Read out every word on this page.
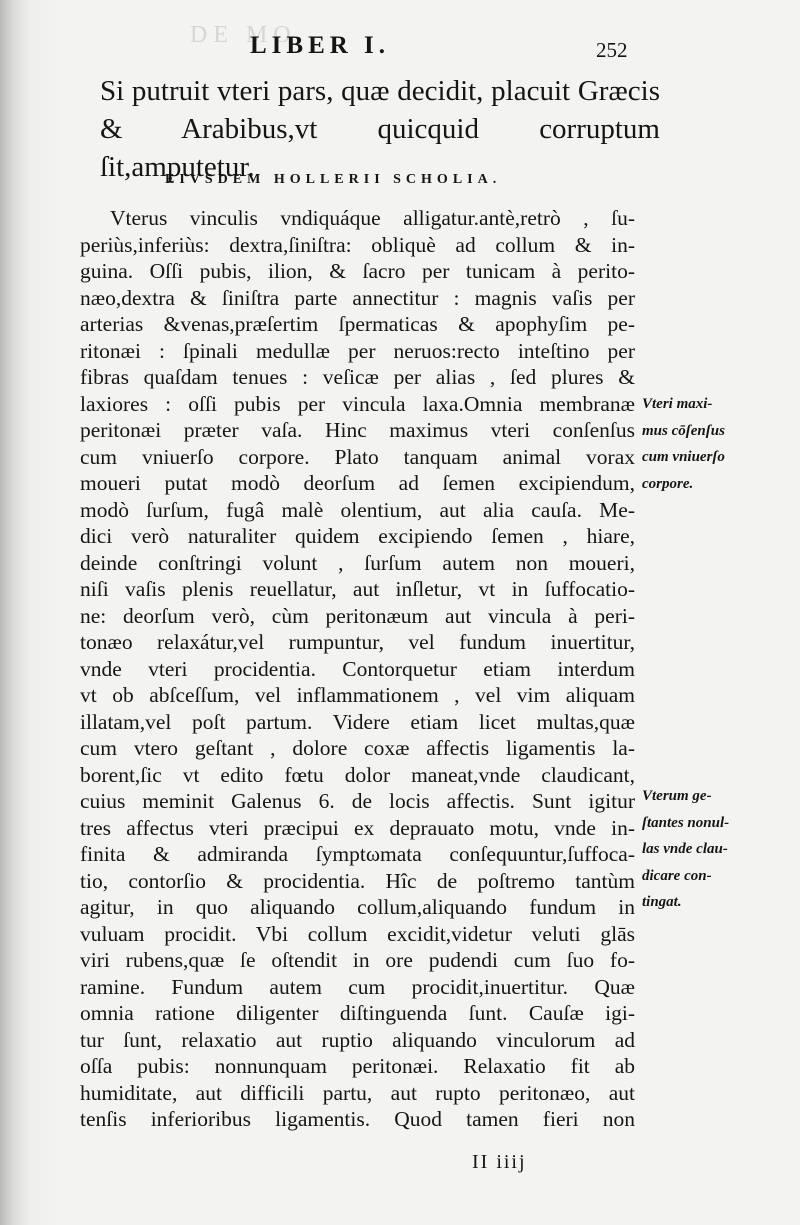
DE MO
LIBER I.	252

Si putruit vteri pars, quæ decidit, placuit Græcis & Arabibus,vt quicquid corruptum ſit,amputetur.

EIVSDEM HOLLERII SCHOLIA.
Vterus vinculis vndiquáque alligatur.antè,retrò , ſu-
periùs,inferiùs: dextra,ſiniſtra: obliquè ad collum & in-
guina. Oſſi pubis, ilion, & ſacro per tunicam à perito-
næo,dextra & ſiniſtra parte annectitur : magnis vaſis per
arterias &venas,præſertim ſpermaticas & apophyſim pe-
ritonæi : ſpinali medullæ per neruos:recto inteſtino per
fibras quaſdam tenues : veſicæ per alias , ſed plures &
laxiores : oſſi pubis per vincula laxa.Omnia membranæ
peritonæi præter vaſa. Hinc maximus vteri conſenſus
cum vniuerſo corpore. Plato tanquam animal vorax
moueri putat modò deorſum ad ſemen excipiendum,
modò ſurſum, fugâ malè olentium, aut alia cauſa. Me-
dici verò naturaliter quidem excipiendo ſemen , hiare,
deinde conſtringi volunt , ſurſum autem non moueri,
niſi vaſis plenis reuellatur, aut inſletur, vt in ſuffocatio-
ne: deorſum verò, cùm peritonæum aut vincula à peri-
tonæo relaxátur,vel rumpuntur, vel fundum inuertitur,
vnde vteri procidentia. Contorquetur etiam interdum
vt ob abſceſſum, vel inflammationem , vel vim aliquam
illatam,vel poſt partum. Videre etiam licet multas,quæ
cum vtero geſtant , dolore coxæ affectis ligamentis la-
borent,ſic vt edito fœtu dolor maneat,vnde claudicant,
cuius meminit Galenus 6. de locis affectis. Sunt igitur
tres affectus vteri præcipui ex deprauato motu, vnde in-
finita & admiranda ſymptωmata conſequuntur,ſuffoca-
tio, contorſio & procidentia. Hîc de poſtremo tantùm
agitur, in quo aliquando collum,aliquando fundum in
vuluam procidit. Vbi collum excidit,videtur veluti glās
viri rubens,quæ ſe oſtendit in ore pudendi cum ſuo fo-
ramine. Fundum autem cum procidit,inuertitur. Quæ
omnia ratione diligenter diſtinguenda ſunt. Cauſæ igi-
tur ſunt, relaxatio aut ruptio aliquando vinculorum ad
oſſa pubis: nonnunquam peritonæi. Relaxatio fit ab
humiditate, aut difficili partu, aut rupto peritonæo, aut
tenſis inferioribus ligamentis. Quod tamen fieri non
Vteri maxi-
mus cōſenſus
cum vniuerſo
corpore.
Vterum ge-
ſtantes nonul-
las vnde clau-
dicare con-
tingat.
II iiij
